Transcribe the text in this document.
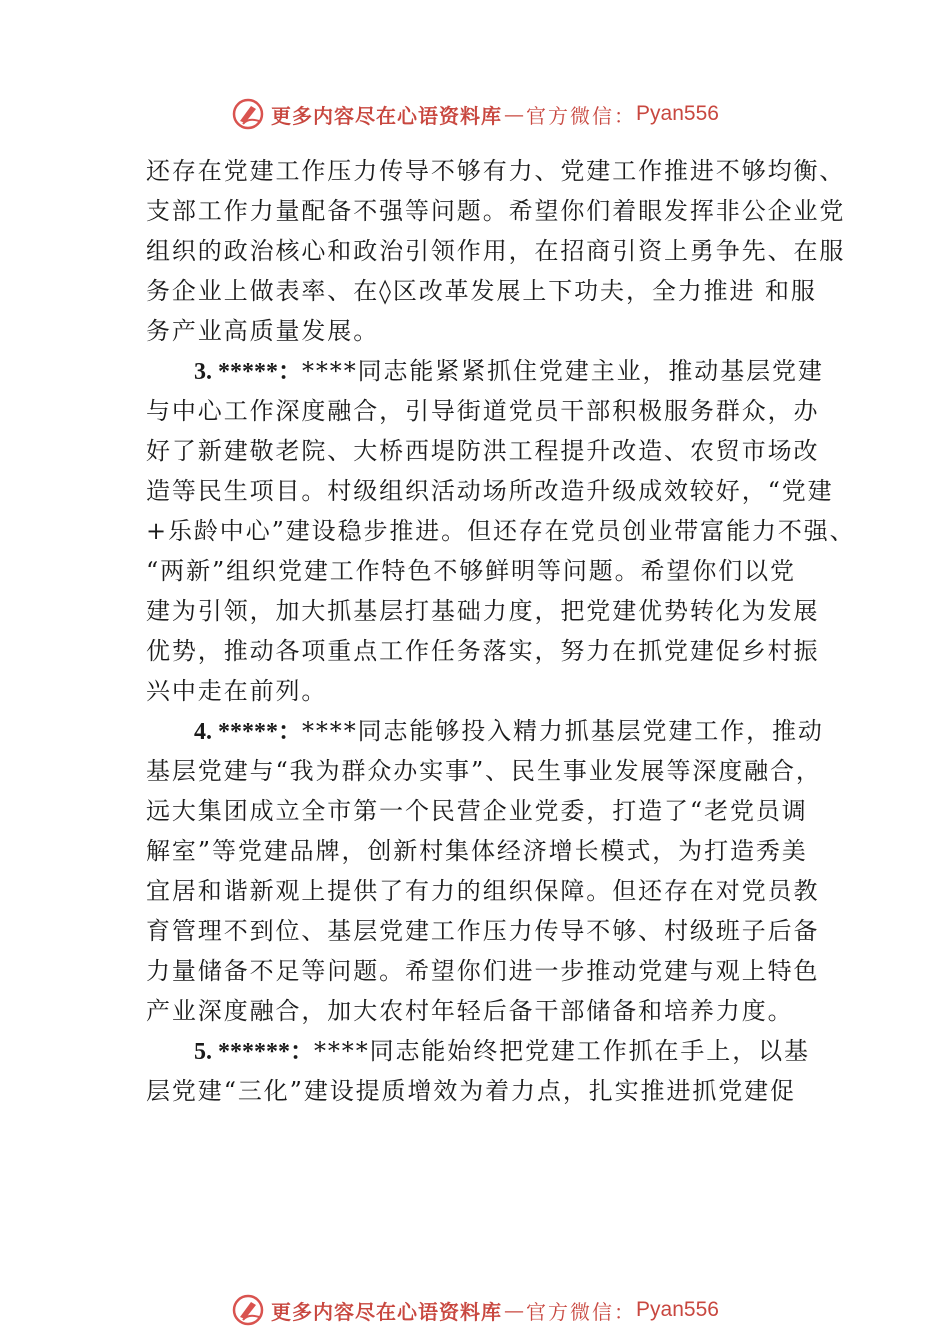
更多内容尽在心语资料库 — 官方微信： Pyan556
还存在党建工作压力传导不够有力、党建工作推进不够均衡、
支部工作力量配备不强等问题。希望你们着眼发挥非公企业党
组织的政治核心和政治引领作用，在招商引资上勇争先、在服
务企业上做表率、在◊区改革发展上下功夫，全力推进 和服
务产业高质量发展。
3. *****：****同志能紧紧抓住党建主业，推动基层党建
与中心工作深度融合，引导街道党员干部积极服务群众，办
好了新建敬老院、大桥西堤防洪工程提升改造、农贸市场改
造等民生项目。村级组织活动场所改造升级成效较好，“党建
+乐龄中心”建设稳步推进。但还存在党员创业带富能力不强、
“两新”组织党建工作特色不够鲜明等问题。希望你们以党
建为引领，加大抓基层打基础力度，把党建优势转化为发展
优势，推动各项重点工作任务落实，努力在抓党建促乡村振
兴中走在前列。
4. *****：****同志能够投入精力抓基层党建工作，推动
基层党建与“我为群众办实事”、民生事业发展等深度融合，
远大集团成立全市第一个民营企业党委，打造了“老党员调
解室”等党建品牌，创新村集体经济增长模式，为打造秀美
宜居和谐新观上提供了有力的组织保障。但还存在对党员教
育管理不到位、基层党建工作压力传导不够、村级班子后备
力量储备不足等问题。希望你们进一步推动党建与观上特色
产业深度融合，加大农村年轻后备干部储备和培养力度。
5. ******：****同志能始终把党建工作抓在手上，以基
层党建“三化”建设提质增效为着力点，扎实推进抓党建促
更多内容尽在心语资料库 — 官方微信： Pyan556
